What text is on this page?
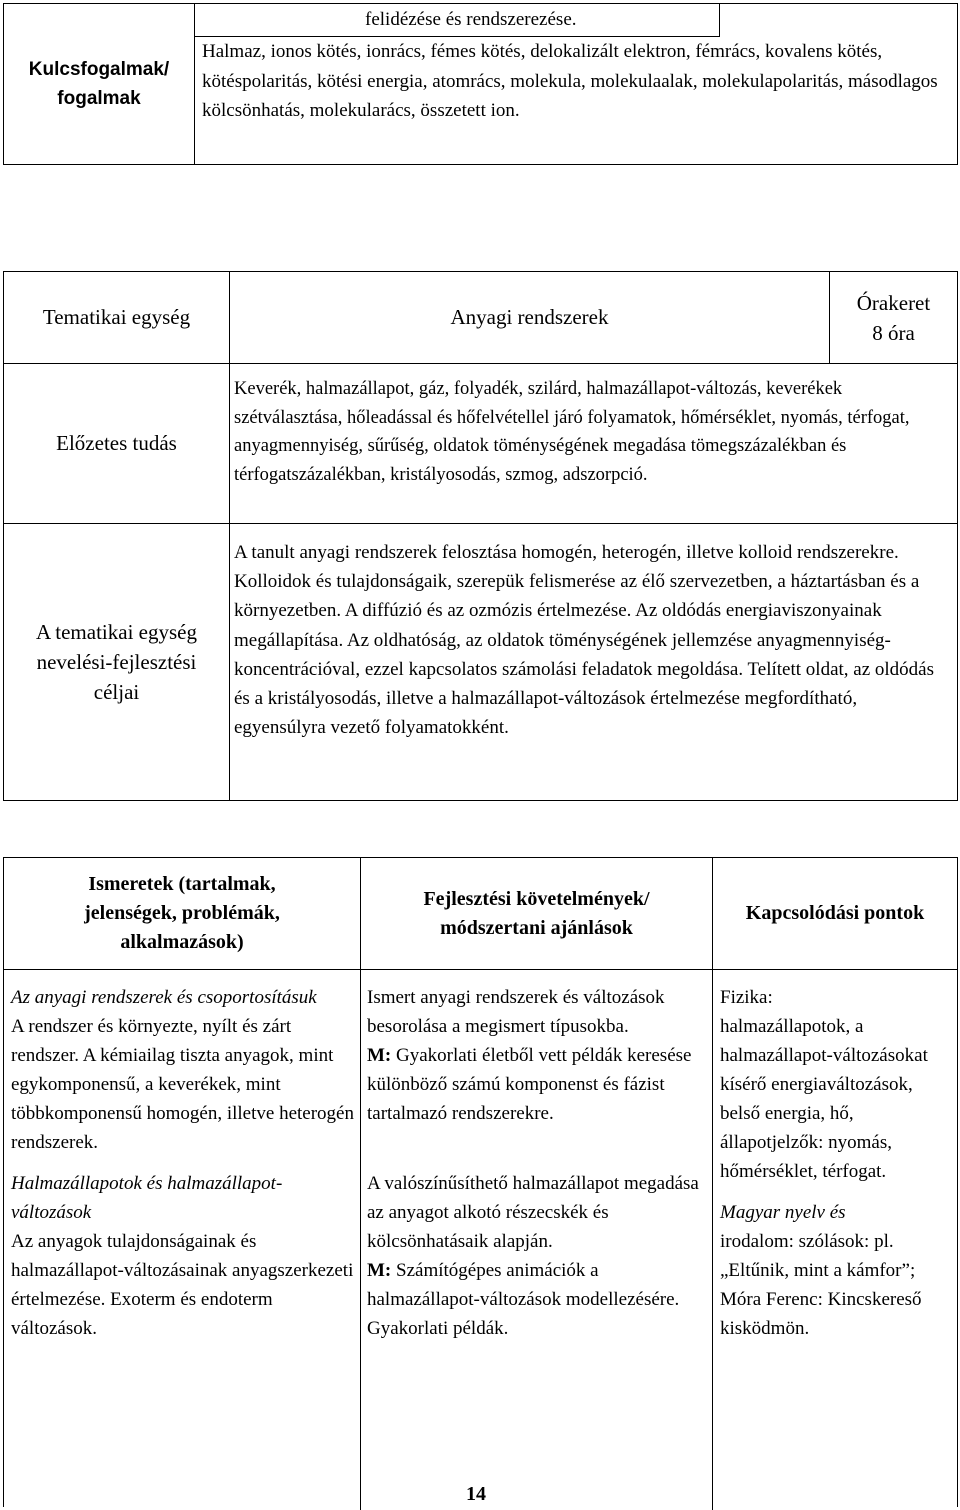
Kulcsfogalmak/ fogalmak
felidézése és rendszerezése.

Halmaz, ionos kötés, ionrács, fémes kötés, delokalizált elektron, fémrács, kovalens kötés, kötéspolaritás, kötési energia, atomrács, molekula, molekulaalak, molekulapolaritás, másodlagos kölcsönhatás, molekularács, összetett ion.

Tematikai egység	Anyagi rendszerek
Órakeret
8 óra
Előzetes tudás

Keverék, halmazállapot, gáz, folyadék, szilárd, halmazállapot-változás, keverékek szétválasztása, hőleadással és hőfelvétellel járó folyamatok, hőmérséklet, nyomás, térfogat, anyagmennyiség, sűrűség, oldatok töménységének megadása tömegszázalékban és térfogatszázalékban, kristályosodás, szmog, adszorpció.

A tematikai egység nevelési-fejlesztési céljai

A tanult anyagi rendszerek felosztása homogén, heterogén, illetve kolloid rendszerekre. Kolloidok és tulajdonságaik, szerepük felismerése az élő szervezetben, a háztartásban és a környezetben. A diffúzió és az ozmózis értelmezése. Az oldódás energiaviszonyainak megállapítása. Az oldhatóság, az oldatok töménységének jellemzése anyagmennyiség-koncentrációval, ezzel kapcsolatos számolási feladatok megoldása. Telített oldat, az oldódás és a kristályosodás, illetve a halmazállapot-változások értelmezése megfordítható, egyensúlyra vezető folyamatokként.

Ismeretek (tartalmak, jelenségek, problémák, alkalmazások)
Fejlesztési követelmények/ módszertani ajánlások
Kapcsolódási pontok

Az anyagi rendszerek és csoportosításuk

A rendszer és környezte, nyílt és zárt rendszer. A kémiailag tiszta anyagok, mint egykomponensű, a keverékek, mint többkomponensű homogén, illetve heterogén rendszerek.

Halmazállapotok és halmazállapot-változások

Az anyagok tulajdonságainak és halmazállapot-változásainak anyagszerkezeti értelmezése. Exoterm és endoterm változások.

Ismert anyagi rendszerek és változások besorolása a megismert típusokba.

M: Gyakorlati életből vett példák keresése különböző számú komponenst és fázist tartalmazó rendszerekre.

A valószínűsíthető halmazállapot megadása az anyagot alkotó részecskék és kölcsönhatásaik alapján.

M: Számítógépes animációk a halmazállapot-változások modellezésére. Gyakorlati példák.

Fizika:

halmazállapotok, a halmazállapot-változásokat kísérő energiaváltozások, belső energia, hő, állapotjelzők: nyomás, hőmérséklet, térfogat.

Magyar nyelv és

irodalom: szólások: pl. „Eltűnik, mint a kámfor”; Móra Ferenc: Kincskereső kisködmön.

14
